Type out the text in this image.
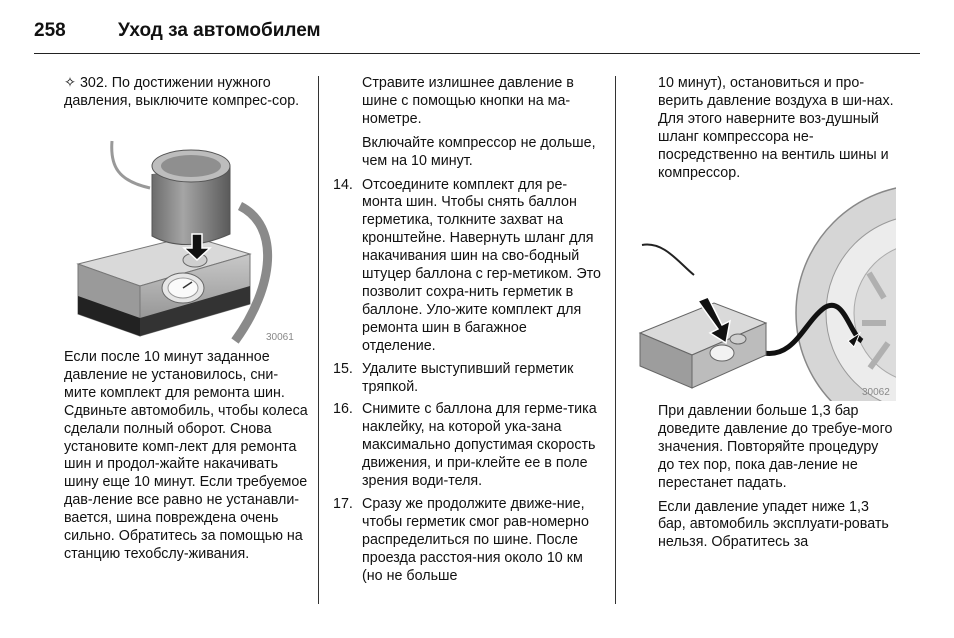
258	Уход за автомобилем

✧ 302. По достижении нужного давления, выключите компрес-сор.

30061

Если после 10 минут заданное давление не установилось, сни-мите комплект для ремонта шин. Сдвиньте автомобиль, чтобы колеса сделали полный оборот. Снова установите комп-лект для ремонта шин и продол-жайте накачивать шину еще 10 минут. Если требуемое дав-ление все равно не устанавли-вается, шина повреждена очень сильно. Обратитесь за помощью на станцию техобслу-живания.

Стравите излишнее давление в шине с помощью кнопки на ма-нометре.

Включайте компрессор не дольше, чем на 10 минут.

14. Отсоедините комплект для ре-монта шин. Чтобы снять баллон герметика, толкните захват на кронштейне. Навернуть шланг для накачивания шин на сво-бодный штуцер баллона с гер-метиком. Это позволит сохра-нить герметик в баллоне. Уло-жите комплект для ремонта шин в багажное отделение.
15. Удалите выступивший герметик тряпкой.
16. Снимите с баллона для герме-тика наклейку, на которой ука-зана максимально допустимая скорость движения, и при-клейте ее в поле зрения води-теля.
17. Сразу же продолжите движе-ние, чтобы герметик смог рав-номерно распределиться по шине. После проезда расстоя-ния около 10 км (но не больше

10 минут), остановиться и про-верить давление воздуха в ши-нах. Для этого наверните воз-душный шланг компрессора не-посредственно на вентиль шины и компрессор.

30062

При давлении больше 1,3 бар доведите давление до требуе-мого значения. Повторяйте процедуру до тех пор, пока дав-ление не перестанет падать.

Если давление упадет ниже 1,3 бар, автомобиль эксплуати-ровать нельзя. Обратитесь за
